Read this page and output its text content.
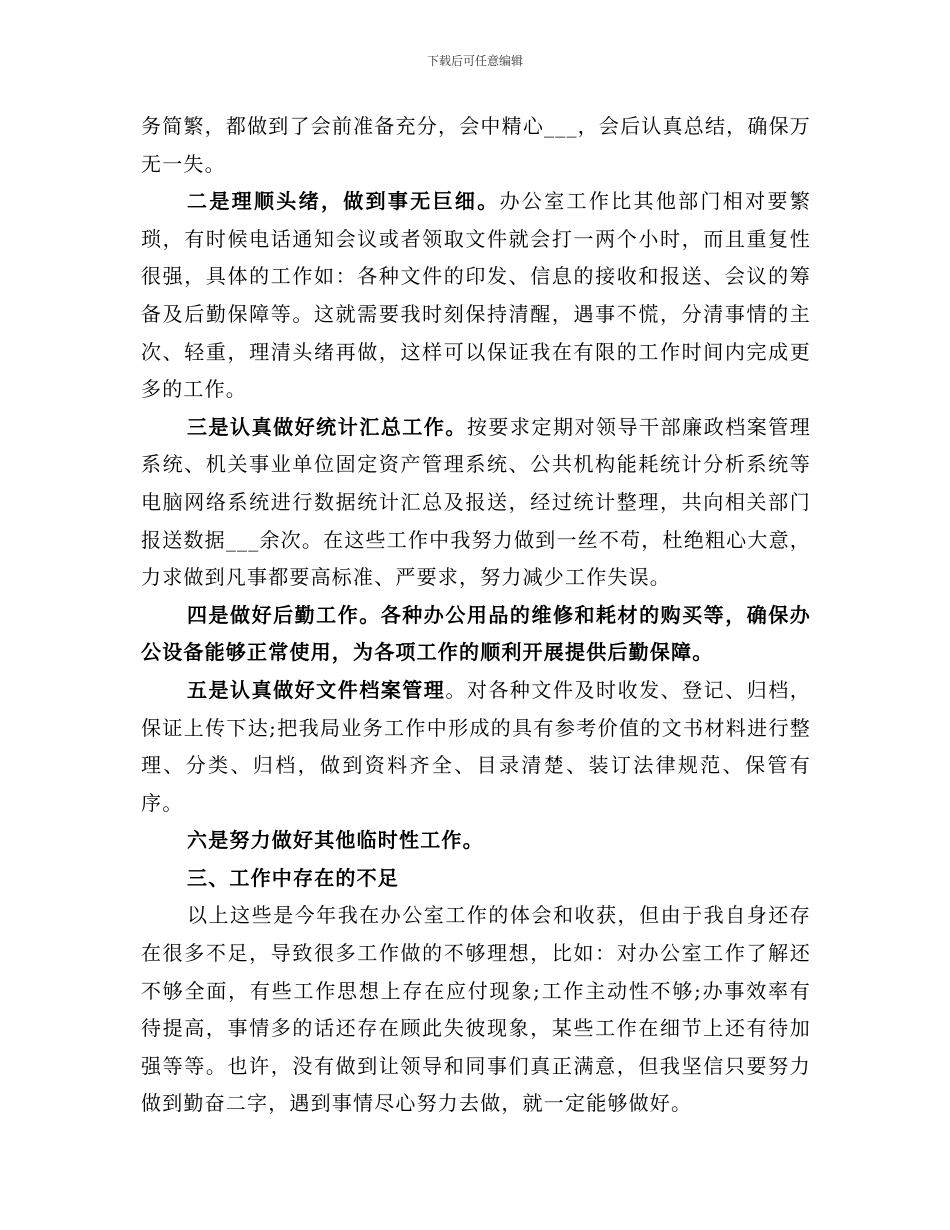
下载后可任意编辑

务简繁，都做到了会前准备充分，会中精心___，会后认真总结，确保万无一失。

二是理顺头绪，做到事无巨细。办公室工作比其他部门相对要繁琐，有时候电话通知会议或者领取文件就会打一两个小时，而且重复性很强，具体的工作如：各种文件的印发、信息的接收和报送、会议的筹备及后勤保障等。这就需要我时刻保持清醒，遇事不慌，分清事情的主次、轻重，理清头绪再做，这样可以保证我在有限的工作时间内完成更多的工作。

三是认真做好统计汇总工作。按要求定期对领导干部廉政档案管理系统、机关事业单位固定资产管理系统、公共机构能耗统计分析系统等电脑网络系统进行数据统计汇总及报送，经过统计整理，共向相关部门报送数据___余次。在这些工作中我努力做到一丝不苟，杜绝粗心大意，力求做到凡事都要高标准、严要求，努力减少工作失误。

四是做好后勤工作。各种办公用品的维修和耗材的购买等，确保办公设备能够正常使用，为各项工作的顺利开展提供后勤保障。

五是认真做好文件档案管理。对各种文件及时收发、登记、归档，保证上传下达;把我局业务工作中形成的具有参考价值的文书材料进行整理、分类、归档，做到资料齐全、目录清楚、装订法律规范、保管有序。

六是努力做好其他临时性工作。

三、工作中存在的不足

以上这些是今年我在办公室工作的体会和收获，但由于我自身还存在很多不足，导致很多工作做的不够理想，比如：对办公室工作了解还不够全面，有些工作思想上存在应付现象;工作主动性不够;办事效率有待提高，事情多的话还存在顾此失彼现象，某些工作在细节上还有待加强等等。也许，没有做到让领导和同事们真正满意，但我坚信只要努力做到勤奋二字，遇到事情尽心努力去做，就一定能够做好。
